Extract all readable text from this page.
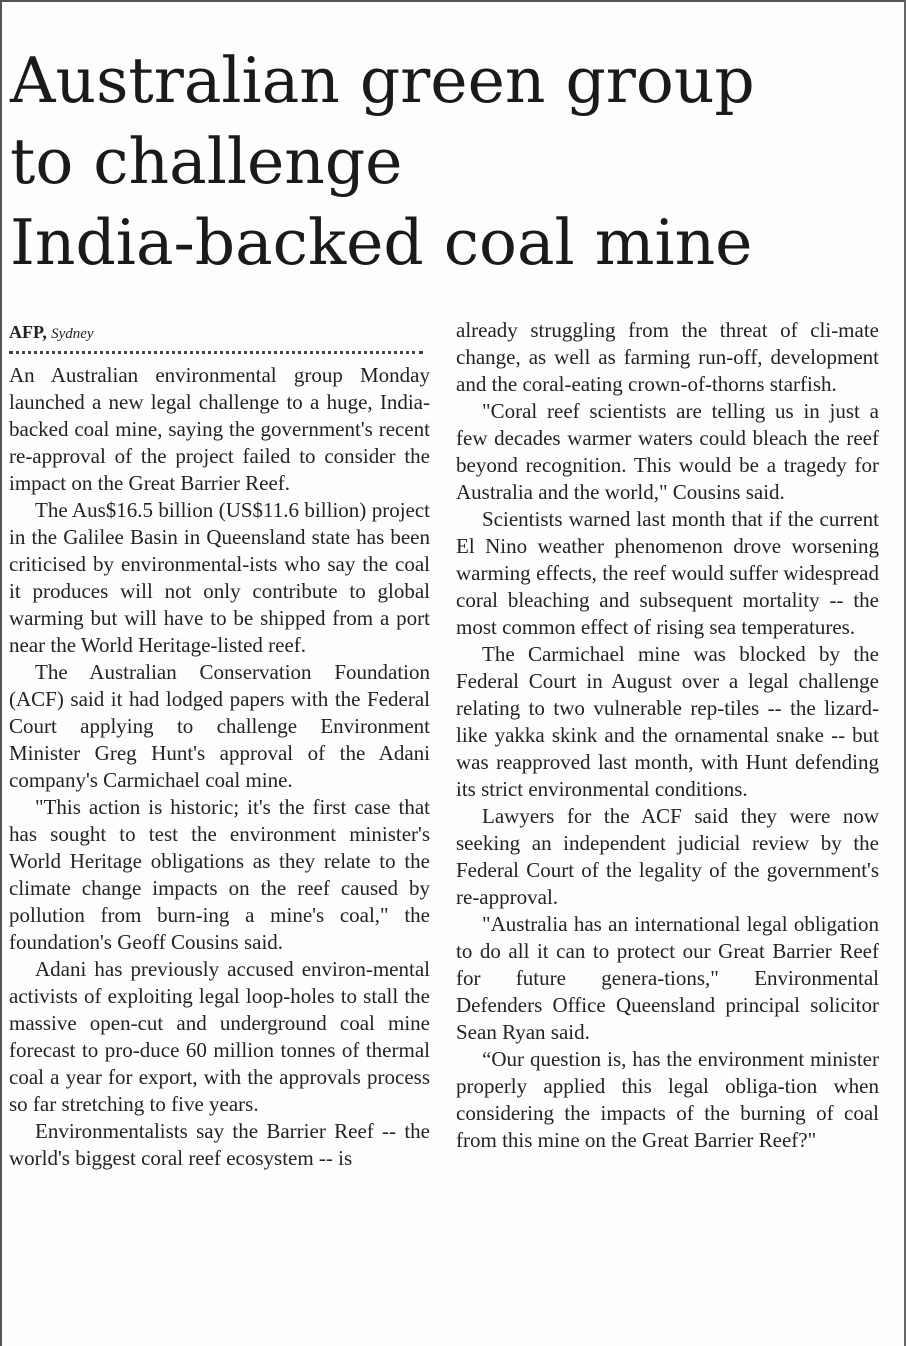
Australian green group
to challenge
India-backed coal mine

AFP, Sydney

An Australian environmental group Monday launched a new legal challenge to a huge, India-backed coal mine, saying the government's recent re-approval of the project failed to consider the impact on the Great Barrier Reef.

The Aus$16.5 billion (US$11.6 billion) project in the Galilee Basin in Queensland state has been criticised by environmental-ists who say the coal it produces will not only contribute to global warming but will have to be shipped from a port near the World Heritage-listed reef.

The Australian Conservation Foundation (ACF) said it had lodged papers with the Federal Court applying to challenge Environment Minister Greg Hunt's approval of the Adani company's Carmichael coal mine.

"This action is historic; it's the first case that has sought to test the environment minister's World Heritage obligations as they relate to the climate change impacts on the reef caused by pollution from burn-ing a mine's coal," the foundation's Geoff Cousins said.

Adani has previously accused environ-mental activists of exploiting legal loop-holes to stall the massive open-cut and underground coal mine forecast to pro-duce 60 million tonnes of thermal coal a year for export, with the approvals process so far stretching to five years.

Environmentalists say the Barrier Reef -- the world's biggest coral reef ecosystem -- is

already struggling from the threat of cli-mate change, as well as farming run-off, development and the coral-eating crown-of-thorns starfish.

"Coral reef scientists are telling us in just a few decades warmer waters could bleach the reef beyond recognition. This would be a tragedy for Australia and the world," Cousins said.

Scientists warned last month that if the current El Nino weather phenomenon drove worsening warming effects, the reef would suffer widespread coral bleaching and subsequent mortality -- the most common effect of rising sea temperatures.

The Carmichael mine was blocked by the Federal Court in August over a legal challenge relating to two vulnerable rep-tiles -- the lizard-like yakka skink and the ornamental snake -- but was reapproved last month, with Hunt defending its strict environmental conditions.

Lawyers for the ACF said they were now seeking an independent judicial review by the Federal Court of the legality of the government's re-approval.

"Australia has an international legal obligation to do all it can to protect our Great Barrier Reef for future genera-tions," Environmental Defenders Office Queensland principal solicitor Sean Ryan said.

“Our question is, has the environment minister properly applied this legal obliga-tion when considering the impacts of the burning of coal from this mine on the Great Barrier Reef?"
